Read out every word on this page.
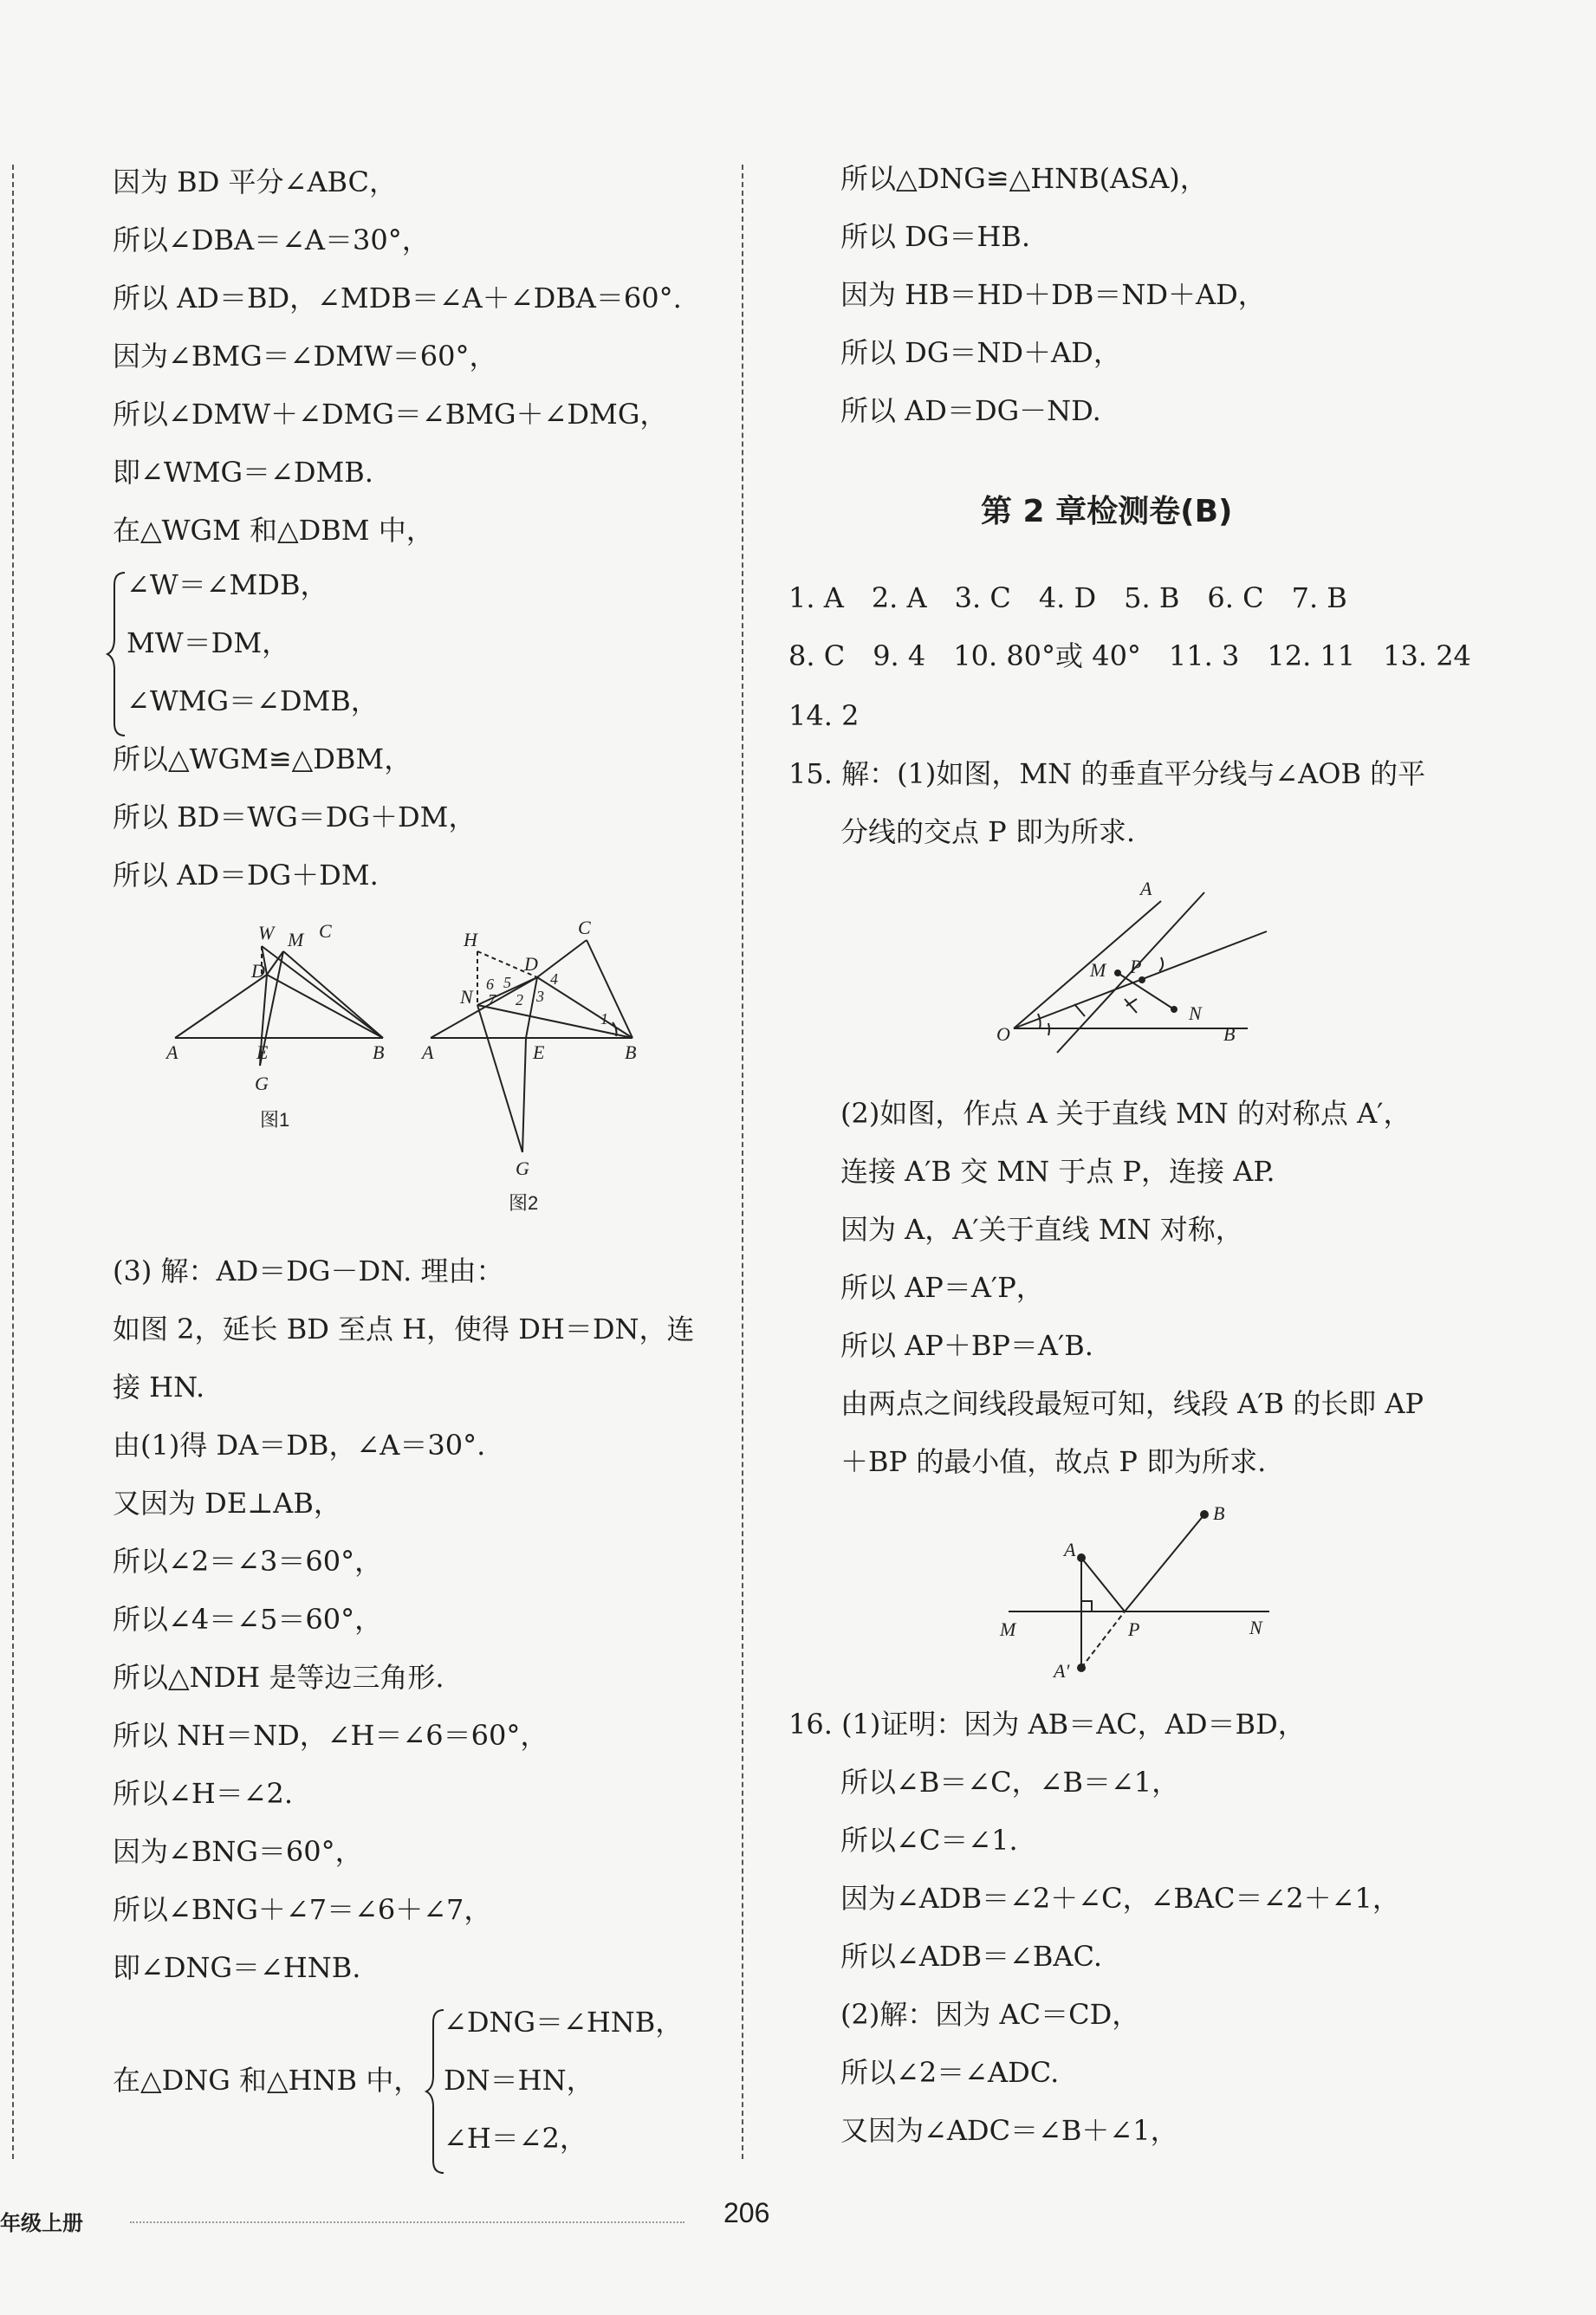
因为 BD 平分∠ABC，
所以∠DBA＝∠A＝30°，
所以 AD＝BD，∠MDB＝∠A＋∠DBA＝60°.
因为∠BMG＝∠DMW＝60°，
所以∠DMW＋∠DMG＝∠BMG＋∠DMG，
即∠WMG＝∠DMB.
在△WGM 和△DBM 中，
∠W＝∠MDB，
MW＝DM，
∠WMG＝∠DMB，
所以△WGM≌△DBM，
所以 BD＝WG＝DG＋DM，
所以 AD＝DG＋DM.
W M C
D
A	E	B
G
图1
H
D
C
N
6 5	4
7 2 3
1
A	E	B
G
图2
(3) 解：AD＝DG－DN. 理由：
如图 2，延长 BD 至点 H，使得 DH＝DN，连
接 HN.
由(1)得 DA＝DB，∠A＝30°.
又因为 DE⊥AB，
所以∠2＝∠3＝60°，
所以∠4＝∠5＝60°，
所以△NDH 是等边三角形.
所以 NH＝ND，∠H＝∠6＝60°，
所以∠H＝∠2.
因为∠BNG＝60°，
所以∠BNG＋∠7＝∠6＋∠7，
即∠DNG＝∠HNB.
∠DNG＝∠HNB，
在△DNG 和△HNB 中， DN＝HN，
∠H＝∠2，
所以△DNG≌△HNB(ASA)，
所以 DG＝HB.
因为 HB＝HD＋DB＝ND＋AD，
所以 DG＝ND＋AD，
所以 AD＝DG－ND.
第 2 章检测卷(B)
1. A　2. A　3. C　4. D　5. B　6. C　7. B
8. C　9. 4　10. 80°或 40°　11. 3　12. 11　13. 24
14. 2
15. 解：(1)如图，MN 的垂直平分线与∠AOB 的平
分线的交点 P 即为所求.
A
M P
N
O	B
(2)如图，作点 A 关于直线 MN 的对称点 A′，
连接 A′B 交 MN 于点 P，连接 AP.
因为 A，A′关于直线 MN 对称，
所以 AP＝A′P，
所以 AP＋BP＝A′B.
由两点之间线段最短可知，线段 A′B 的长即 AP
＋BP 的最小值，故点 P 即为所求.
B
A
M	P	N
A′
16. (1)证明：因为 AB＝AC，AD＝BD，
所以∠B＝∠C，∠B＝∠1，
所以∠C＝∠1.
因为∠ADB＝∠2＋∠C，∠BAC＝∠2＋∠1，
所以∠ADB＝∠BAC.
(2)解：因为 AC＝CD，
所以∠2＝∠ADC.
又因为∠ADC＝∠B＋∠1，
年级上册	206
